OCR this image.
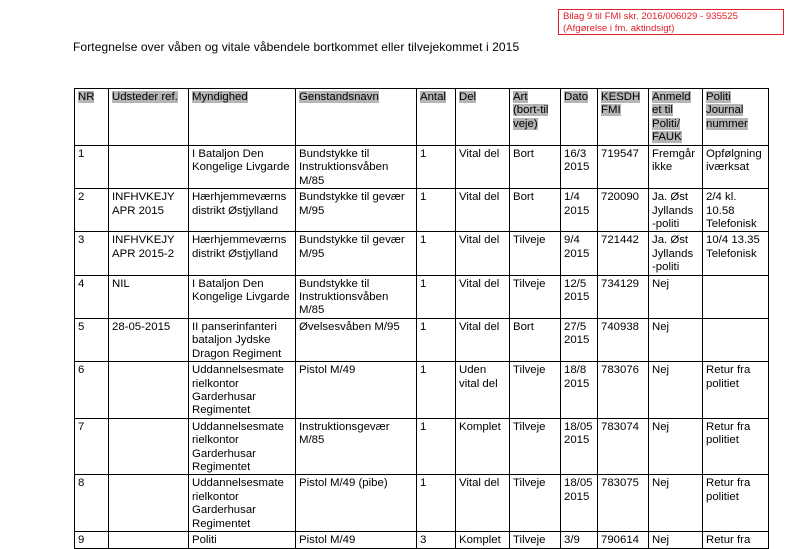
Bilag 9 til FMI skr. 2016/006029 - 935525
(Afgørelse i fm. aktindsigt)
Fortegnelse over våben og vitale våbendele bortkommet eller tilvejekommet i 2015
NR	Udsteder ref.	Myndighed	Genstandsnavn	Antal	Del	Art (bort-til veje)	Dato	KESDH FMI	Anmeld et til Politi/ FAUK	Politi Journal nummer
1		I Bataljon Den Kongelige Livgarde	Bundstykke til Instruktionsvåben M/85	1	Vital del	Bort	16/3 2015	719547	Fremgår ikke	Opfølgning iværksat
2	INFHVKEJY APR 2015	Hærhjemmeværns distrikt Østjylland	Bundstykke til gevær M/95	1	Vital del	Bort	1/4 2015	720090	Ja. Øst Jyllands -politi	2/4 kl. 10.58 Telefonisk
3	INFHVKEJY APR 2015-2	Hærhjemmeværns distrikt Østjylland	Bundstykke til gevær M/95	1	Vital del	Tilveje	9/4 2015	721442	Ja. Øst Jyllands -politi	10/4 13.35 Telefonisk
4	NIL	I Bataljon Den Kongelige Livgarde	Bundstykke til Instruktionsvåben M/85	1	Vital del	Tilveje	12/5 2015	734129	Nej	
5	28-05-2015	II panserinfanteri bataljon Jydske Dragon Regiment	Øvelsesvåben M/95	1	Vital del	Bort	27/5 2015	740938	Nej	
6		Uddannelsesmate rielkontor Garderhusar Regimentet	Pistol M/49	1	Uden vital del	Tilveje	18/8 2015	783076	Nej	Retur fra politiet
7		Uddannelsesmate rielkontor Garderhusar Regimentet	Instruktionsgevær M/85	1	Komplet	Tilveje	18/05 2015	783074	Nej	Retur fra politiet
8		Uddannelsesmate rielkontor Garderhusar Regimentet	Pistol M/49 (pibe)	1	Vital del	Tilveje	18/05 2015	783075	Nej	Retur fra politiet
9		Politi	Pistol M/49	3	Komplet	Tilveje	3/9	790614	Nej	Retur fra
